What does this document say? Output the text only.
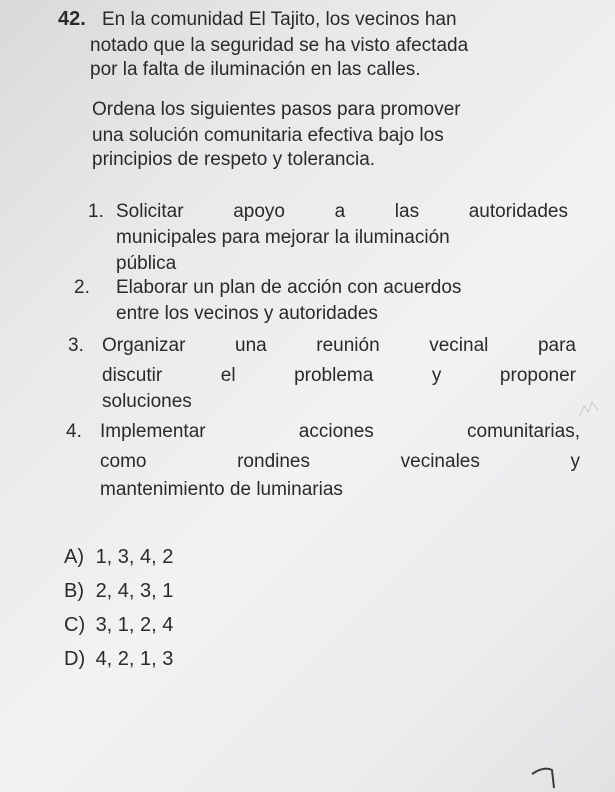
42. En la comunidad El Tajito, los vecinos han
notado que la seguridad se ha visto afectada
por la falta de iluminación en las calles.
Ordena los siguientes pasos para promover
una solución comunitaria efectiva bajo los
principios de respeto y tolerancia.
1. Solicitar apoyo a las autoridades
municipales para mejorar la iluminación
pública
2. Elaborar un plan de acción con acuerdos
entre los vecinos y autoridades
3. Organizar una reunión vecinal para
discutir el problema y proponer
soluciones
4. Implementar acciones comunitarias,
como rondines vecinales y
mantenimiento de luminarias
A) 1, 3, 4, 2
B) 2, 4, 3, 1
C) 3, 1, 2, 4
D) 4, 2, 1, 3
